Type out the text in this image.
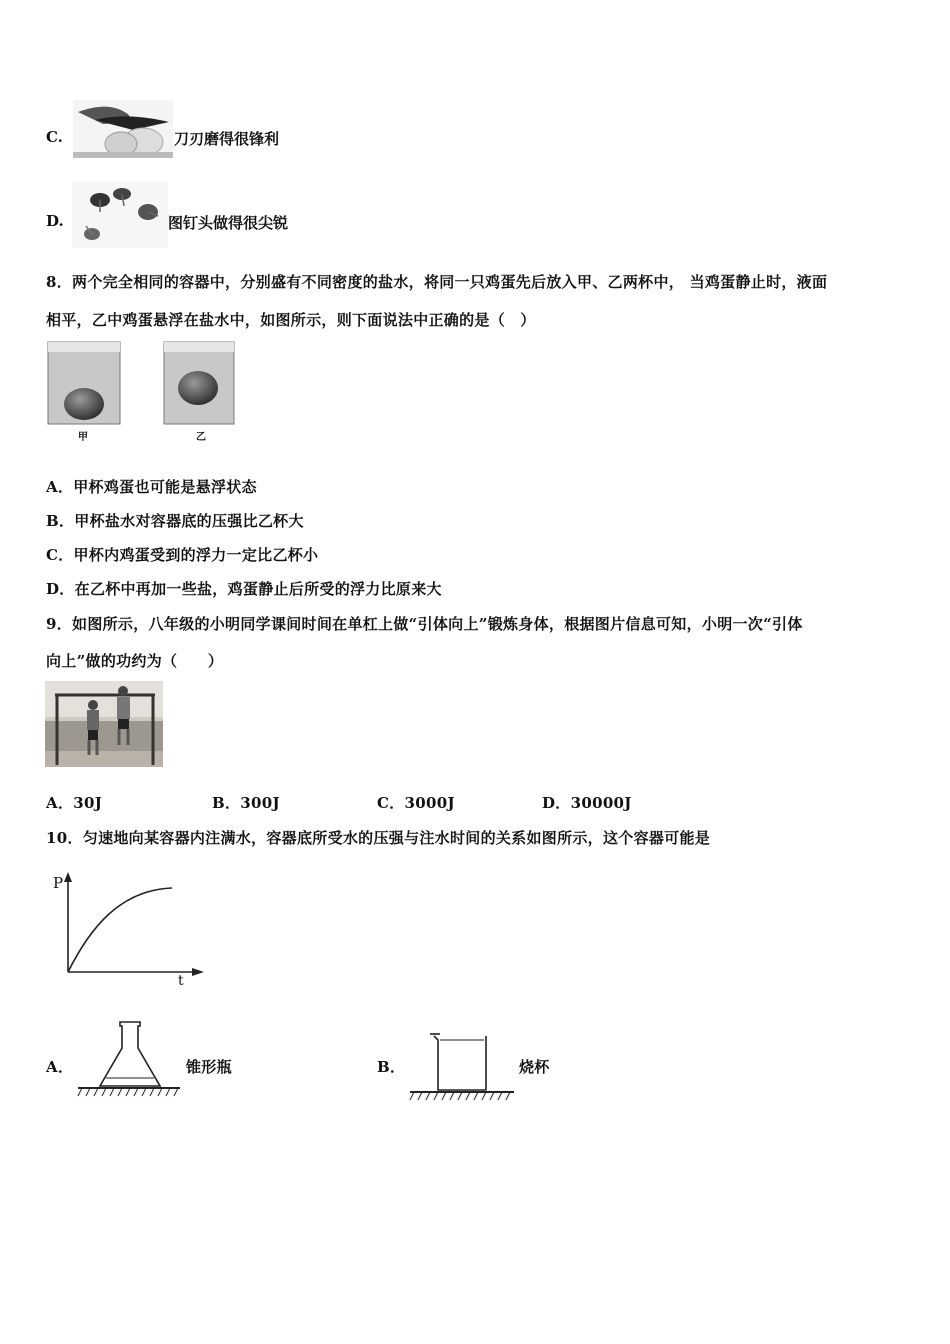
C.	刀刃磨得很锋利
D.	图钉头做得很尖锐
8．两个完全相同的容器中，分别盛有不同密度的盐水，将同一只鸡蛋先后放入甲、乙两杯中， 当鸡蛋静止时，液面
相平，乙中鸡蛋悬浮在盐水中，如图所示，则下面说法中正确的是（　）
甲	乙
A．甲杯鸡蛋也可能是悬浮状态
B．甲杯盐水对容器底的压强比乙杯大
C．甲杯内鸡蛋受到的浮力一定比乙杯小
D．在乙杯中再加一些盐，鸡蛋静止后所受的浮力比原来大
9．如图所示，八年级的小明同学课间时间在单杠上做“引体向上”锻炼身体，根据图片信息可知，小明一次“引体
向上”做的功约为（　　）
A．30J	B．300J	C．3000J	D．30000J
10．匀速地向某容器内注满水，容器底所受水的压强与注水时间的关系如图所示，这个容器可能是
P
t
A．	锥形瓶	B．	烧杯
